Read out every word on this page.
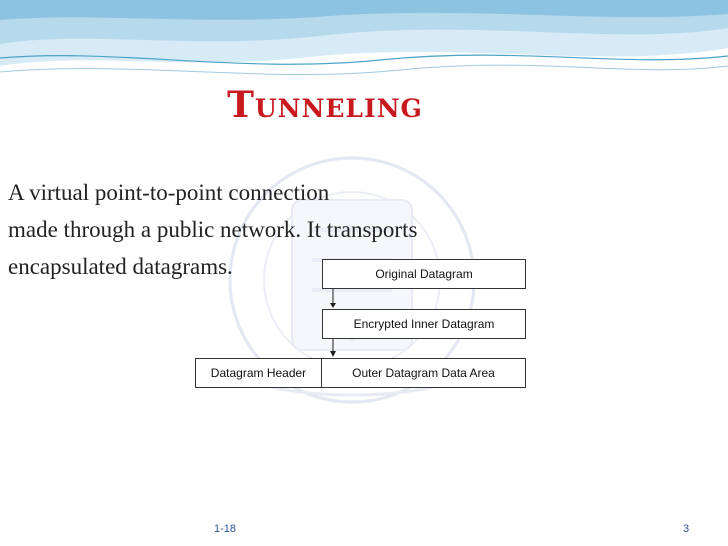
Tunneling

A virtual point-to-point connection
made through a public network. It transports
encapsulated datagrams.	Original Datagram
Encrypted Inner Datagram
Datagram Header	Outer Datagram Data Area
1-18	3
